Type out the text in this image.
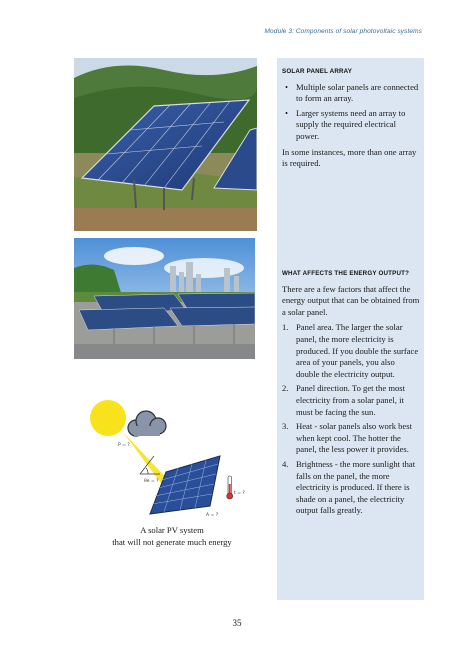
Module 3: Components of solar photovoltaic systems
P = ?
θe = ?
t = ?
A = ?
A solar PV system
that will not generate much energy
SOLAR PANEL ARRAY
• Multiple solar panels are connected to form an array.
• Larger systems need an array to supply the required electrical power.

In some instances, more than one array is required.

WHAT AFFECTS THE ENERGY OUTPUT?

There are a few factors that affect the energy output that can be obtained from a solar panel.

1. Panel area. The larger the solar panel, the more electricity is produced. If you double the surface area of your panels, you also double the electricity output.
2. Panel direction. To get the most electricity from a solar panel, it must be facing the sun.
3. Heat - solar panels also work best when kept cool. The hotter the panel, the less power it provides.
4. Brightness - the more sunlight that falls on the panel, the more electricity is produced. If there is shade on a panel, the electricity output falls greatly.
35
